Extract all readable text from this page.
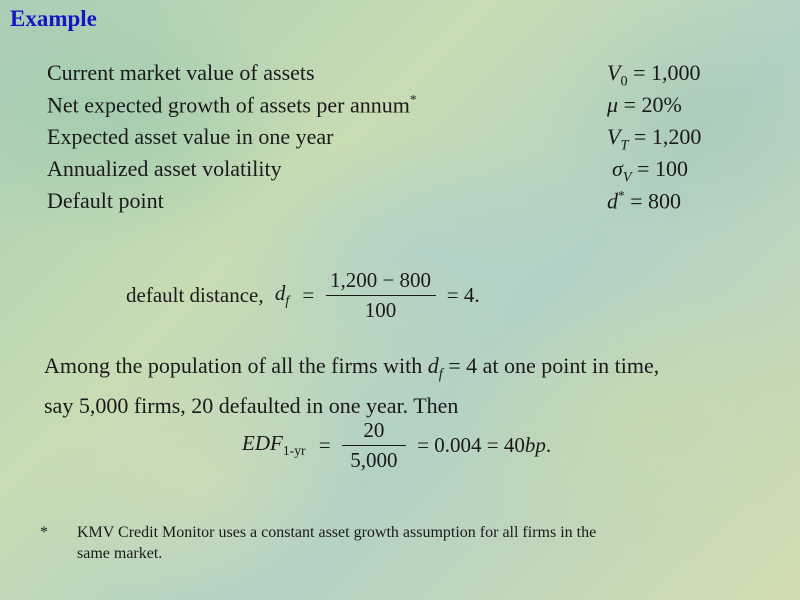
Example
Current market value of assets	$V_0 = 1,000$
Net expected growth of assets per annum*	μ = 20%
Expected asset value in one year	$V_T = 1,200$
Annualized asset volatility	$\sigma_V = 100$
Default point	d* = 800
default distance, $d_f = \frac{1,200 - 800}{100} = 4$.
Among the population of all the firms with $d_f = 4$ at one point in time,
say 5,000 firms, 20 defaulted in one year. Then
$EDF_{1-yr} = \frac{20}{5,000} = 0.004 = 40bp$.
* KMV Credit Monitor uses a constant asset growth assumption for all firms in the
same market.
